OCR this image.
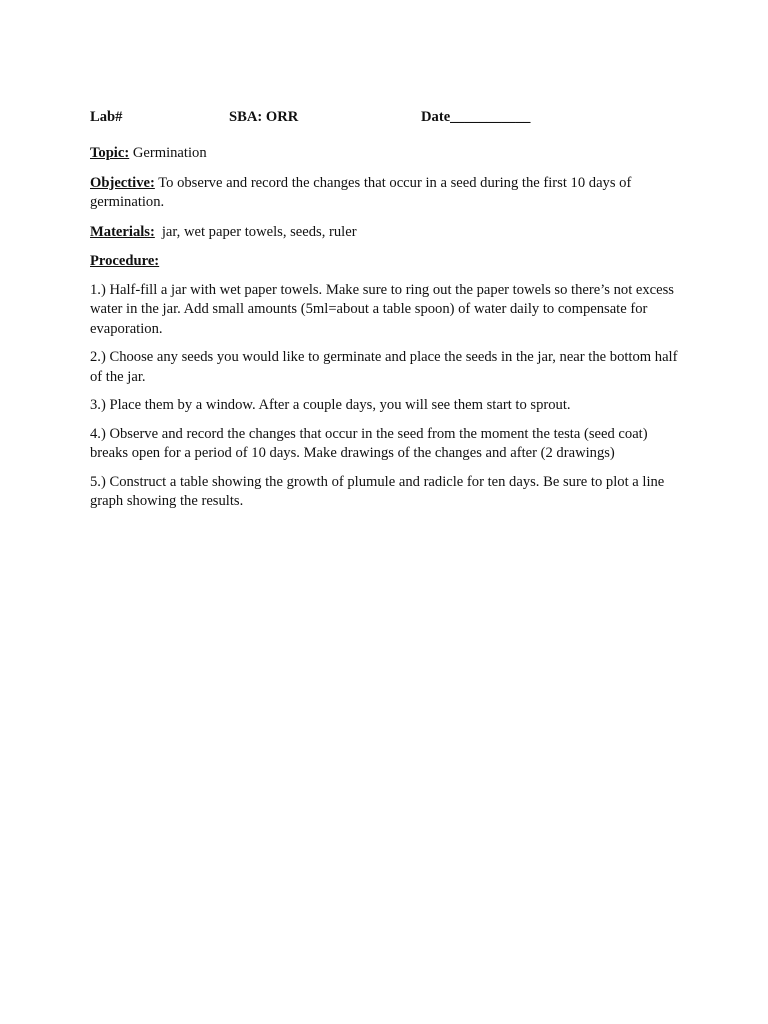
Lab#	SBA: ORR	Date___________

Topic: Germination

Objective: To observe and record the changes that occur in a seed during the first 10 days of germination.

Materials: jar, wet paper towels, seeds, ruler

Procedure:

1.) Half-fill a jar with wet paper towels. Make sure to ring out the paper towels so there’s not excess water in the jar. Add small amounts (5ml=about a table spoon) of water daily to compensate for evaporation.

2.) Choose any seeds you would like to germinate and place the seeds in the jar, near the bottom half of the jar.

3.) Place them by a window. After a couple days, you will see them start to sprout.

4.) Observe and record the changes that occur in the seed from the moment the testa (seed coat) breaks open for a period of 10 days. Make drawings of the changes and after (2 drawings)

5.) Construct a table showing the growth of plumule and radicle for ten days. Be sure to plot a line graph showing the results.
